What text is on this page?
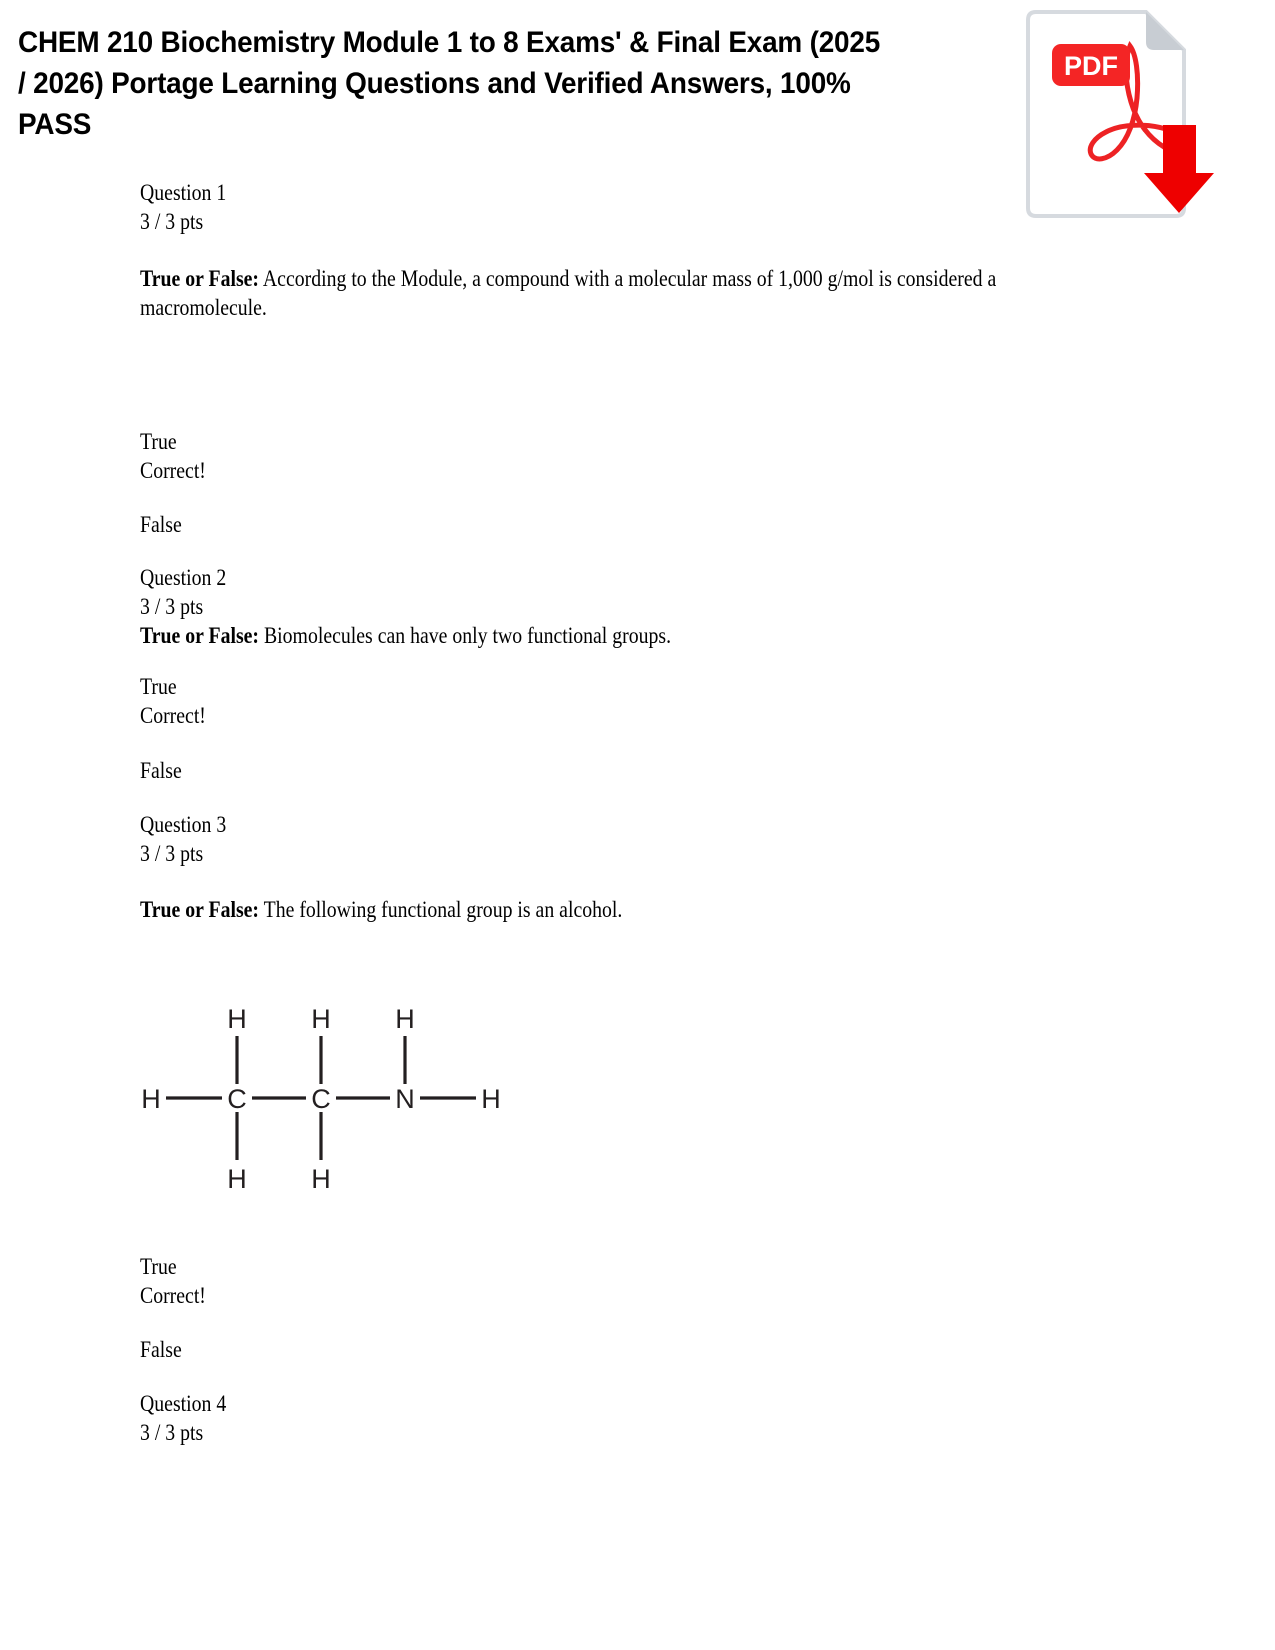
CHEM 210 Biochemistry Module 1 to 8 Exams' & Final Exam (2025 / 2026) Portage Learning Questions and Verified Answers, 100% PASS
PDF
Question 1
3 / 3 pts
True or False: According to the Module, a compound with a molecular mass of 1,000 g/mol is considered a macromolecule.
True
Correct!
False
Question 2
3 / 3 pts
True or False: Biomolecules can have only two functional groups.
True
Correct!
False
Question 3
3 / 3 pts
True or False: The following functional group is an alcohol.
H H H
H C C N H
H H
True
Correct!
False
Question 4
3 / 3 pts
